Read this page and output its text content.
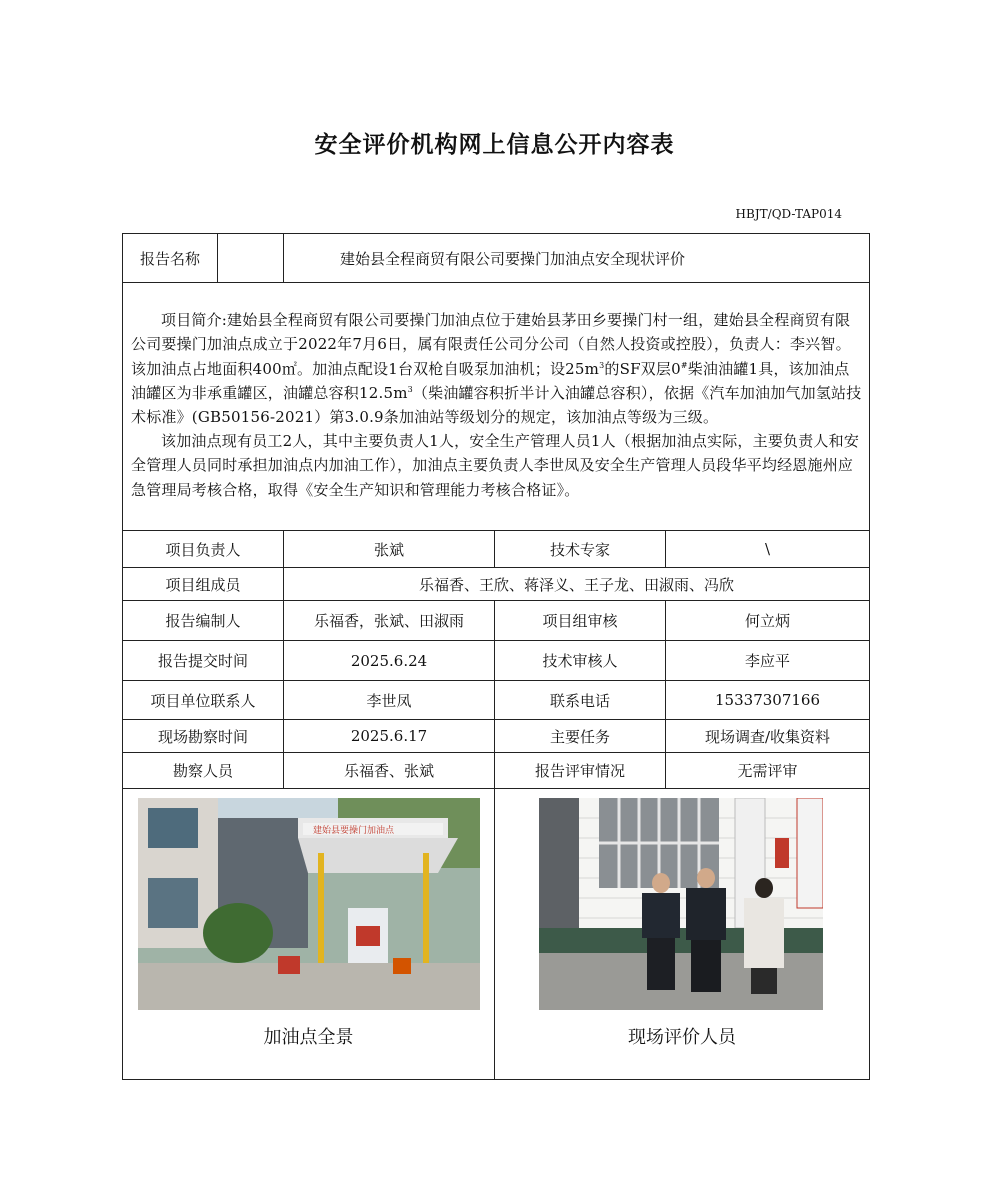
安全评价机构网上信息公开内容表
HBJT/QD-TAP014
报告名称	
		建始县全程商贸有限公司要操门加油点安全现状评价

项目简介:建始县全程商贸有限公司要操门加油点位于建始县茅田乡要操门村一组，建始县全程商贸有限公司要操门加油点成立于2022年7月6日，属有限责任公司分公司（自然人投资或控股），负责人：李兴智。该加油点占地面积400㎡。加油点配设1台双枪自吸泵加油机；设$25m^3$的SF双层0#柴油油罐1具，该加油点油罐区为非承重罐区，油罐总容积$12.5m^3$（柴油罐容积折半计入油罐总容积），依据《汽车加油加气加氢站技术标准》(GB50156-2021）第3.0.9条加油站等级划分的规定，该加油点等级为三级。

该加油点现有员工2人，其中主要负责人1人，安全生产管理人员1人（根据加油点实际，主要负责人和安全管理人员同时承担加油点内加油工作），加油点主要负责人李世凤及安全生产管理人员段华平均经恩施州应急管理局考核合格，取得《安全生产知识和管理能力考核合格证》。

项目负责人	张斌	技术专家	\
项目组成员	乐福香、王欣、蒋泽义、王子龙、田淑雨、冯欣
报告编制人	乐福香，张斌、田淑雨	项目组审核	何立炳
报告提交时间	2025.6.24	技术审核人	李应平
项目单位联系人	李世凤	联系电话	15337307166
现场勘察时间	2025.6.17	主要任务	现场调查/收集资料
勘察人员	乐福香、张斌	报告评审情况	无需评审

建始县要操门加油点
加油点全景	现场评价人员
